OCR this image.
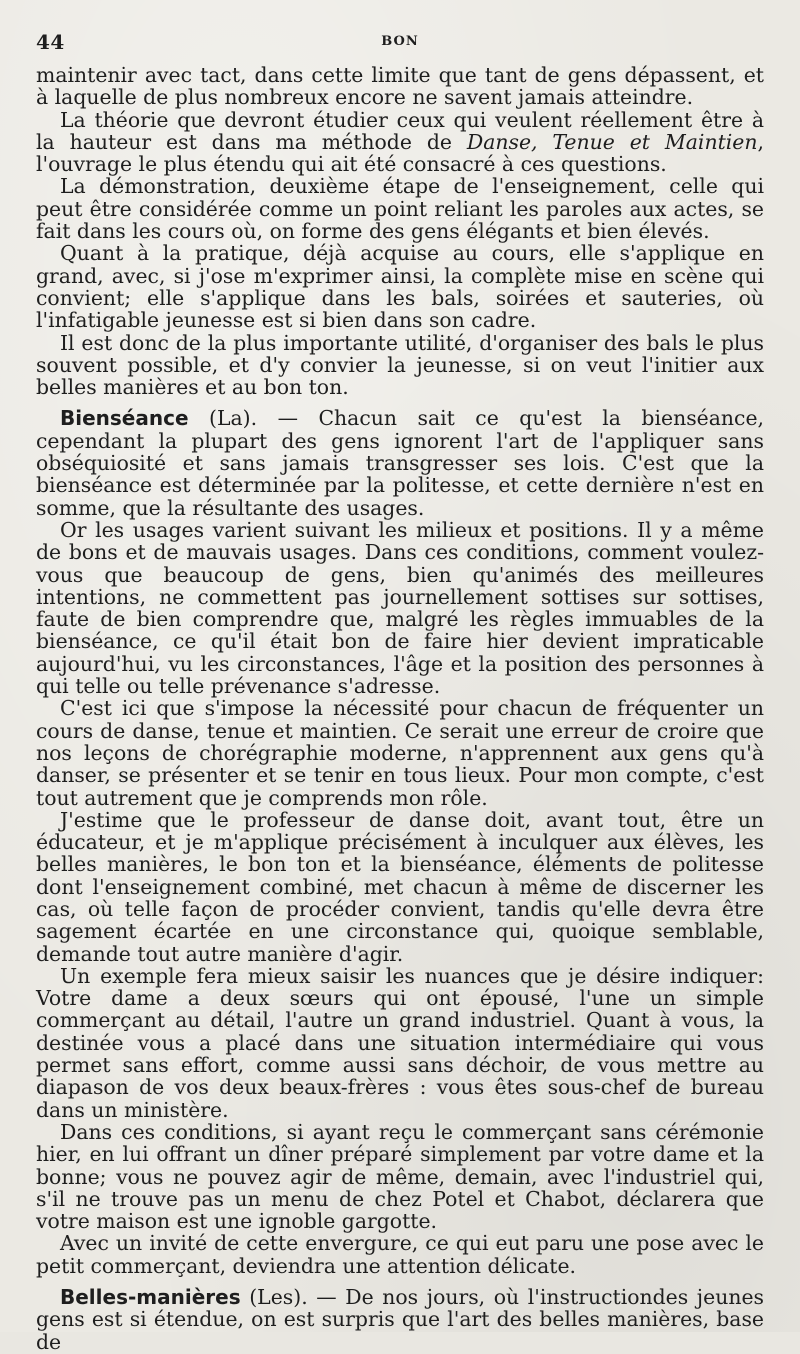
44	BON

maintenir avec tact, dans cette limite que tant de gens dépassent, et à laquelle de plus nombreux encore ne savent jamais atteindre.

La théorie que devront étudier ceux qui veulent réellement être à la hauteur est dans ma méthode de Danse, Tenue et Maintien, l'ouvrage le plus étendu qui ait été consacré à ces questions.

La démonstration, deuxième étape de l'enseignement, celle qui peut être considérée comme un point reliant les paroles aux actes, se fait dans les cours où, on forme des gens élégants et bien élevés.

Quant à la pratique, déjà acquise au cours, elle s'applique en grand, avec, si j'ose m'exprimer ainsi, la complète mise en scène qui convient; elle s'applique dans les bals, soirées et sauteries, où l'infatigable jeunesse est si bien dans son cadre.

Il est donc de la plus importante utilité, d'organiser des bals le plus souvent possible, et d'y convier la jeunesse, si on veut l'initier aux belles manières et au bon ton.

Bienséance (La). — Chacun sait ce qu'est la bienséance, cependant la plupart des gens ignorent l'art de l'appliquer sans obséquiosité et sans jamais transgresser ses lois. C'est que la bienséance est déterminée par la politesse, et cette dernière n'est en somme, que la résultante des usages.

Or les usages varient suivant les milieux et positions. Il y a même de bons et de mauvais usages. Dans ces conditions, comment voulez-vous que beaucoup de gens, bien qu'animés des meilleures intentions, ne commettent pas journellement sottises sur sottises, faute de bien comprendre que, malgré les règles immuables de la bienséance, ce qu'il était bon de faire hier devient impraticable aujourd'hui, vu les circonstances, l'âge et la position des personnes à qui telle ou telle prévenance s'adresse.

C'est ici que s'impose la nécessité pour chacun de fréquenter un cours de danse, tenue et maintien. Ce serait une erreur de croire que nos leçons de chorégraphie moderne, n'apprennent aux gens qu'à danser, se présenter et se tenir en tous lieux. Pour mon compte, c'est tout autrement que je comprends mon rôle.

J'estime que le professeur de danse doit, avant tout, être un éducateur, et je m'applique précisément à inculquer aux élèves, les belles manières, le bon ton et la bienséance, éléments de politesse dont l'enseignement combiné, met chacun à même de discerner les cas, où telle façon de procéder convient, tandis qu'elle devra être sagement écartée en une circonstance qui, quoique semblable, demande tout autre manière d'agir.

Un exemple fera mieux saisir les nuances que je désire indiquer: Votre dame a deux sœurs qui ont épousé, l'une un simple commerçant au détail, l'autre un grand industriel. Quant à vous, la destinée vous a placé dans une situation intermédiaire qui vous permet sans effort, comme aussi sans déchoir, de vous mettre au diapason de vos deux beaux-frères : vous êtes sous-chef de bureau dans un ministère.

Dans ces conditions, si ayant reçu le commerçant sans cérémonie hier, en lui offrant un dîner préparé simplement par votre dame et la bonne; vous ne pouvez agir de même, demain, avec l'industriel qui, s'il ne trouve pas un menu de chez Potel et Chabot, déclarera que votre maison est une ignoble gargotte.

Avec un invité de cette envergure, ce qui eut paru une pose avec le petit commerçant, deviendra une attention délicate.

Belles-manières (Les). — De nos jours, où l'instructiondes jeunes gens est si étendue, on est surpris que l'art des belles manières, base de
